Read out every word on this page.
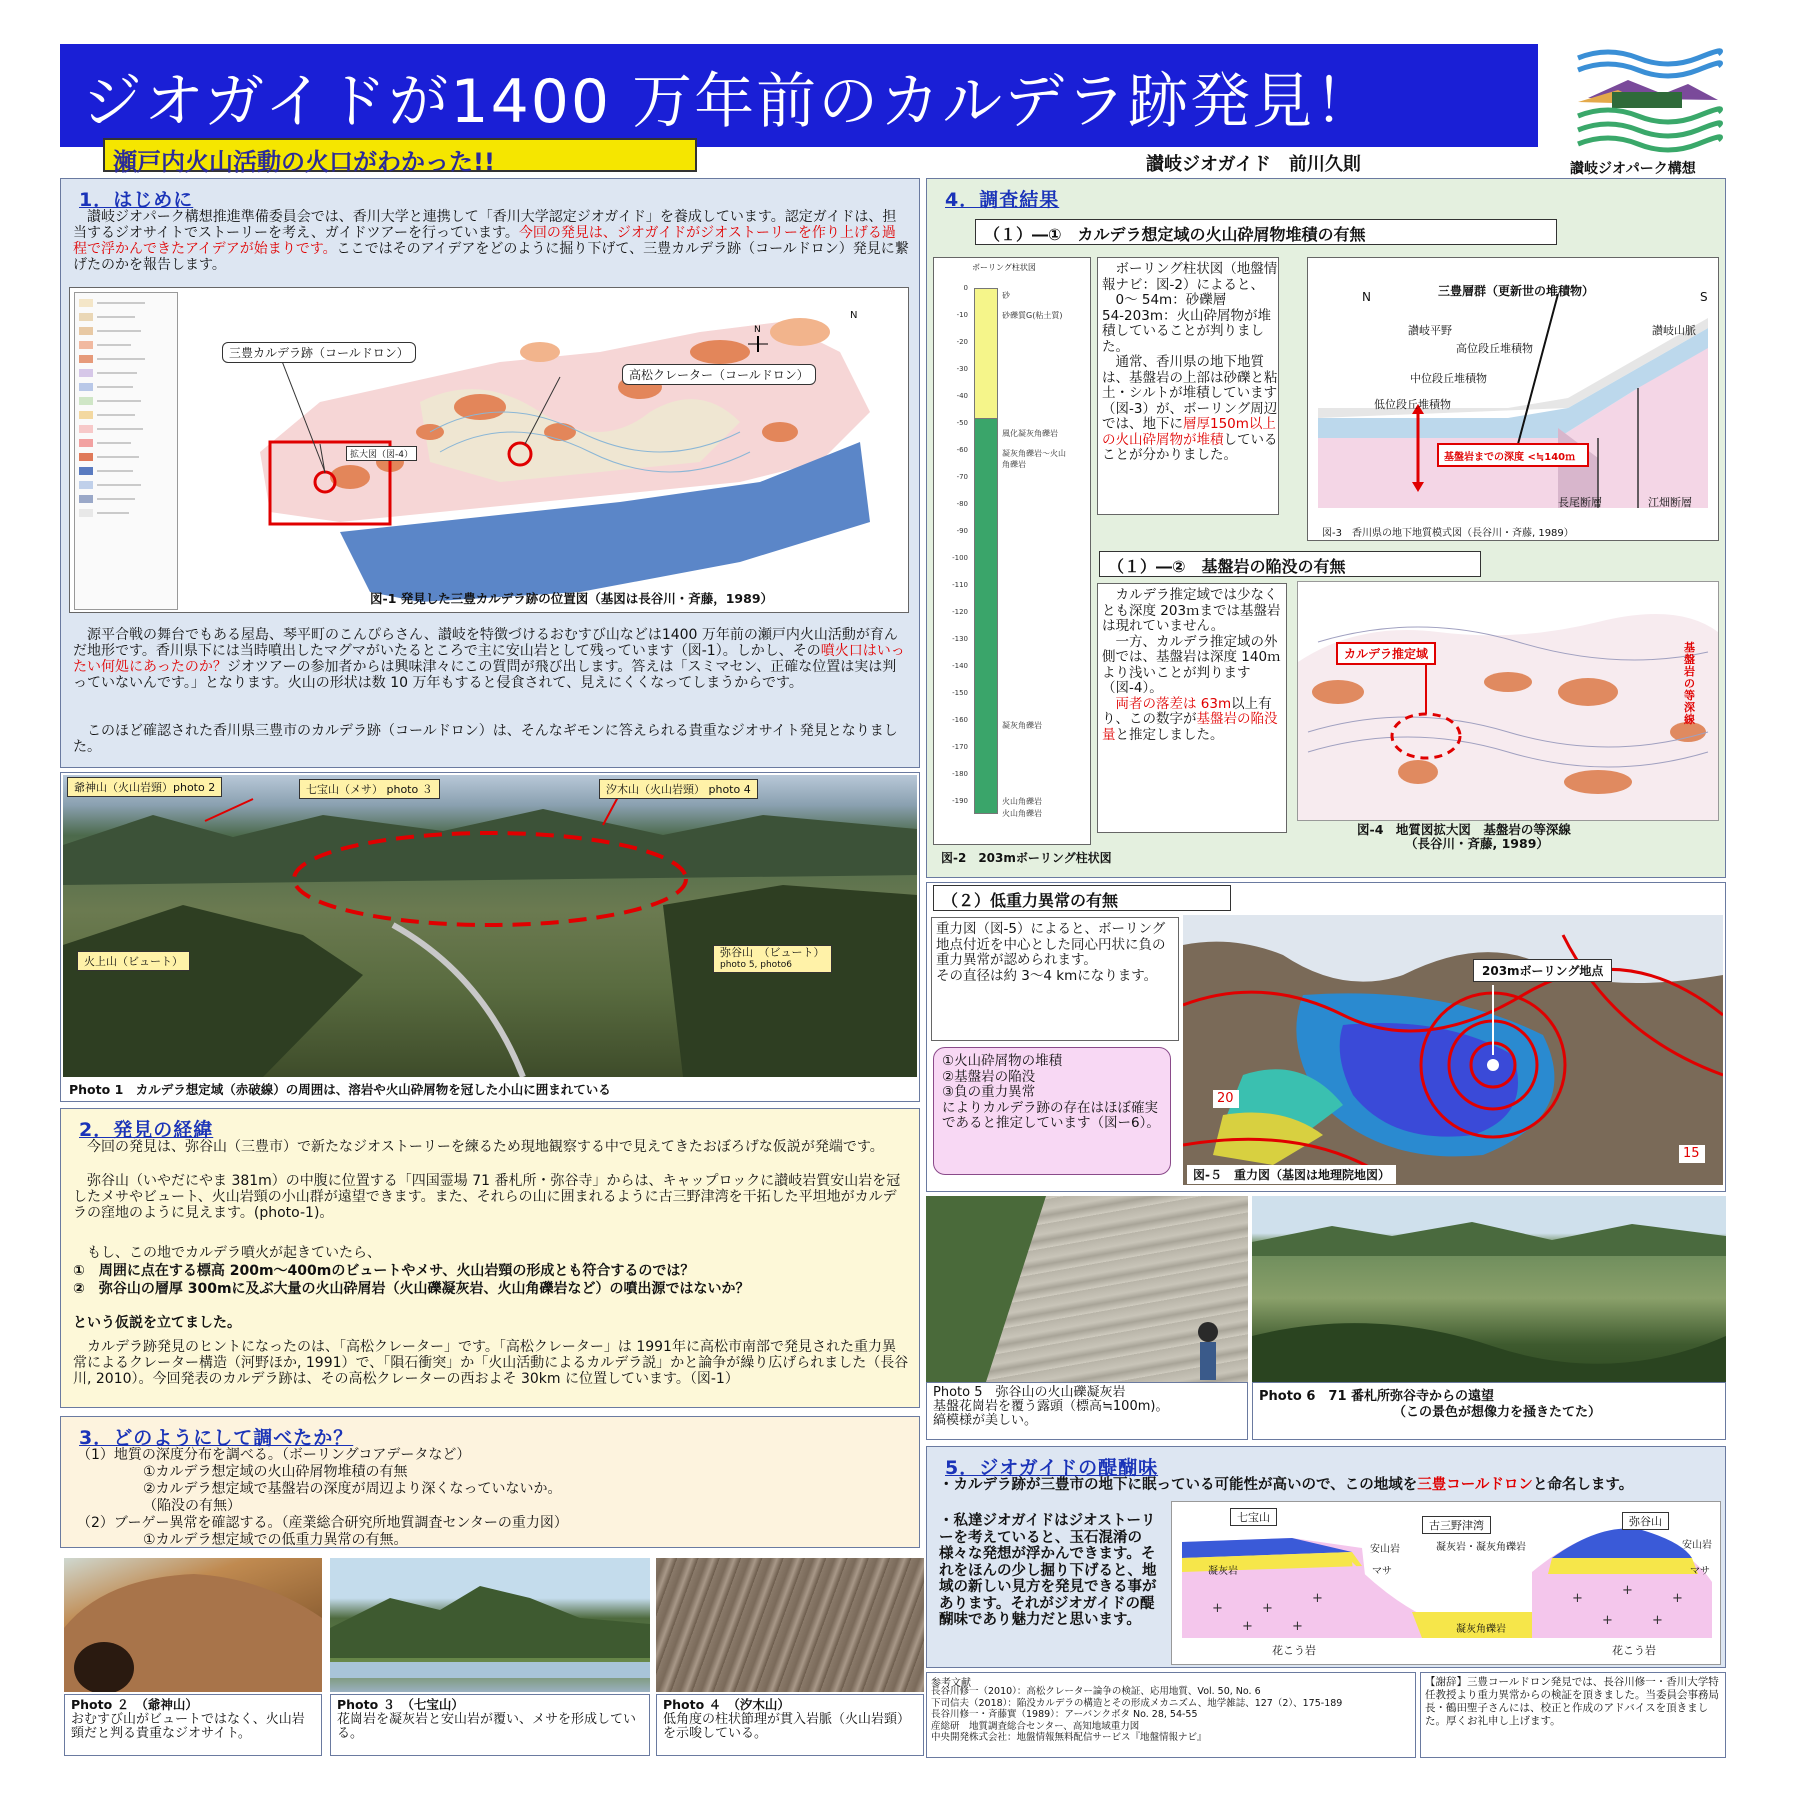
ジオガイドが1400 万年前のカルデラ跡発見！
瀬戸内火山活動の火口がわかった!!	讃岐ジオガイド　前川久則	讃岐ジオパーク構想
1．はじめに
　讃岐ジオパーク構想推進準備委員会では、香川大学と連携して「香川大学認定ジオガイド」を養成しています。認定ガイドは、担当するジオサイトでストーリーを考え、ガイドツアーを行っています。今回の発見は、ジオガイドがジオストーリーを作り上げる過程で浮かんできたアイデアが始まりです。ここではそのアイデアをどのように掘り下げて、三豊カルデラ跡（コールドロン）発見に繋げたのかを報告します。
N
三豊カルデラ跡（コールドロン）
高松クレーター（コールドロン）
拡大図（図-4）
N
図-1 発見した三豊カルデラ跡の位置図（基図は長谷川・斉藤，1989）
　源平合戦の舞台でもある屋島、琴平町のこんぴらさん、讃岐を特徴づけるおむすび山などは1400 万年前の瀬戸内火山活動が育んだ地形です。香川県下には当時噴出したマグマがいたるところで主に安山岩として残っています（図-1）。しかし、その噴火口はいったい何処にあったのか？ジオツアーの参加者からは興味津々にこの質問が飛び出します。答えは「スミマセン、正確な位置は実は判っていないんです。」となります。火山の形状は数 10 万年もすると侵食されて、見えにくくなってしまうからです。
　このほど確認された香川県三豊市のカルデラ跡（コールドロン）は、そんなギモンに答えられる貴重なジオサイト発見となりました。
爺神山（火山岩頸）photo 2	七宝山（メサ） photo ３	汐木山（火山岩頸） photo 4
火上山（ビュート）
弥谷山　（ビュート）
photo 5, photo6
Photo 1　カルデラ想定域（赤破線）の周囲は、溶岩や火山砕屑物を冠した小山に囲まれている
2．発見の経緯
　今回の発見は、弥谷山（三豊市）で新たなジオストーリーを練るため現地観察する中で見えてきたおぼろげな仮説が発端です。
　弥谷山（いやだにやま 381m）の中腹に位置する「四国霊場 71 番札所・弥谷寺」からは、キャップロックに讃岐岩質安山岩を冠したメサやビュート、火山岩頸の小山群が遠望できます。また、それらの山に囲まれるように古三野津湾を干拓した平坦地がカルデラの窪地のように見えます。(photo-1)。
　もし、この地でカルデラ噴火が起きていたら、
①　周囲に点在する標高 200m～400mのビュートやメサ、火山岩頸の形成とも符合するのでは？
②　弥谷山の層厚 300mに及ぶ大量の火山砕屑岩（火山礫凝灰岩、火山角礫岩など）の噴出源ではないか？
という仮説を立てました。
　カルデラ跡発見のヒントになったのは、「高松クレーター」です。「高松クレーター」は 1991年に高松市南部で発見された重力異常によるクレーター構造（河野ほか, 1991）で、「隕石衝突」か「火山活動によるカルデラ説」かと論争が繰り広げられました（長谷川, 2010）。今回発表のカルデラ跡は、その高松クレーターの西およそ 30km に位置しています。（図-1）
3．どのようにして調べたか？
（1）地質の深度分布を調べる。（ボーリングコアデータなど）
①カルデラ想定域の火山砕屑物堆積の有無
②カルデラ想定域で基盤岩の深度が周辺より深くなっていないか。
（陥没の有無）
（2）ブーゲー異常を確認する。（産業総合研究所地質調査センターの重力図）
①カルデラ想定域での低重力異常の有無。
Photo ２　（爺神山）
おむすび山がビュートではなく、火山岩頸だと判る貴重なジオサイト。
Photo ３　（七宝山）
花崗岩を凝灰岩と安山岩が覆い、メサを形成している。
Photo ４　（汐木山）
低角度の柱状節理が貫入岩脈（火山岩頸）を示唆している。
4．調査結果
（１）―①　カルデラ想定域の火山砕屑物堆積の有無
ボーリング柱状図
砂
砂礫質G(粘土質)
風化凝灰角礫岩
凝灰角礫岩～火山角礫岩
凝灰角礫岩
火山角礫岩
火山角礫岩
0
-10
-20
-30
-40
-50
-60
-70
-80
-90
-100
-110
-120
-130
-140
-150
-160
-170
-180
-190
図-2　203mボーリング柱状図
　ボーリング柱状図（地盤情報ナビ：図-2）によると、
　0～ 54m：砂礫層
54-203m：火山砕屑物が堆積していることが判りました。
　通常、香川県の地下地質は、基盤岩の上部は砂礫と粘土・シルトが堆積しています（図-3）が、ボーリング周辺では、地下に層厚150m以上の火山砕屑物が堆積していることが分かりました。
三豊層群（更新世の堆積物）
N	S
讃岐平野
高位段丘堆積物
中位段丘堆積物
低位段丘堆積物
讃岐山脈
長尾断層	江畑断層
基盤岩までの深度 <≒140ｍ
図-3　香川県の地下地質模式図（長谷川・斉藤, 1989）
（１）―②　基盤岩の陥没の有無
　カルデラ推定域では少なくとも深度 203ｍまでは基盤岩は現れていません。
　一方、カルデラ推定域の外側では、基盤岩は深度 140ｍより浅いことが判ります（図-4）。
　両者の落差は 63m以上有り、この数字が基盤岩の陥没量と推定しました。
カルデラ推定域	基盤岩の等深線
図-4　地質図拡大図　基盤岩の等深線
（長谷川・斉藤, 1989）
（２）低重力異常の有無
重力図（図-5）によると、ボーリング地点付近を中心とした同心円状に負の重力異常が認められます。
その直径は約 3～4 kmになります。
①火山砕屑物の堆積
②基盤岩の陥没
③負の重力異常
によりカルデラ跡の存在はほぼ確実であると推定しています（図ー6）。
203mボーリング地点
20
15
図-５　重力図（基図は地理院地図）
Photo 5　弥谷山の火山礫凝灰岩
基盤花崗岩を覆う露頭（標高≒100m)。
縞模様が美しい。
Photo 6　71 番札所弥谷寺からの遠望
（この景色が想像力を掻きたてた）
5．ジオガイドの醍醐味
・カルデラ跡が三豊市の地下に眠っている可能性が高いので、この地域を三豊コールドロンと命名します。
・私達ジオガイドはジオストーリーを考えていると、玉石混淆の様々な発想が浮かんできます。それをほんの少し掘り下げると、地域の新しい見方を発見できる事があります。それがジオガイドの醍醐味であり魅力だと思います。
+	+
+
+	+
+
+
+
+	+
七宝山
古三野津湾	弥谷山
安山岩	安山岩
凝灰岩	マサ	マサ
凝灰岩・凝灰角礫岩
花こう岩	花こう岩
凝灰角礫岩
参考文献
長谷川修一（2010）：高松クレーター論争の検証、応用地質、Vol. 50, No. 6
下司信夫（2018）：陥没カルデラの構造とその形成メカニズム、地学雑誌、127（2）、175-189
長谷川修一・斉藤實（1989）：アーバンクボタ No. 28, 54-55
産総研　地質調査総合センター、高知地域重力図
中央開発株式会社：地盤情報無料配信サービス『地盤情報ナビ』
【謝辞】三豊コールドロン発見では、長谷川修一・香川大学特任教授より重力異常からの検証を頂きました。当委員会事務局長・鶴田聖子さんには、校正と作成のアドバイスを頂きました。厚くお礼申し上げます。
